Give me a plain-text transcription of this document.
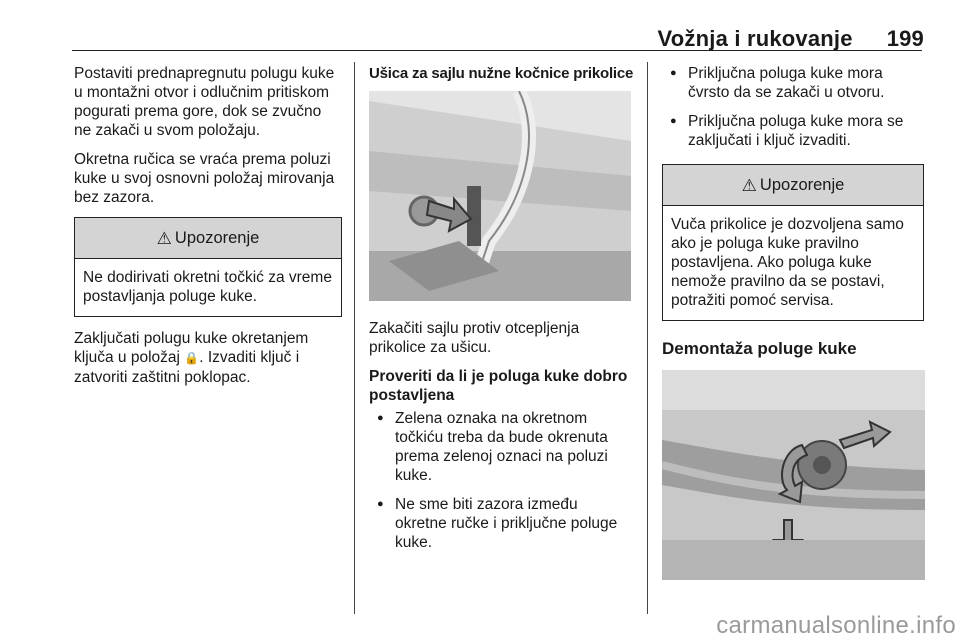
Vožnja i rukovanje 199

Postaviti prednapregnutu polugu kuke u montažni otvor i odlučnim pritiskom pogurati prema gore, dok se zvučno ne zakači u svom položaju.

Okretna ručica se vraća prema poluzi kuke u svoj osnovni položaj mirovanja bez zazora.

⚠ Upozorenje
Ne dodirivati okretni točkić za vreme postavljanja poluge kuke.

Zaključati polugu kuke okretanjem ključa u položaj 🔒. Izvaditi ključ i zatvoriti zaštitni poklopac.

Ušica za sajlu nužne kočnice prikolice

Zakačiti sajlu protiv otcepljenja prikolice za ušicu.

Proveriti da li je poluga kuke dobro postavljena

● Zelena oznaka na okretnom točkiću treba da bude okrenuta prema zelenoj oznaci na poluzi kuke.
● Ne sme biti zazora između okretne ručke i priključne poluge kuke.
● Priključna poluga kuke mora čvrsto da se zakači u otvoru.
● Priključna poluga kuke mora se zaključati i ključ izvaditi.
⚠ Upozorenje
Vuča prikolice je dozvoljena samo ako je poluga kuke pravilno postavljena. Ako poluga kuke nemože pravilno da se postavi, potražiti pomoć servisa.
Demontaža poluge kuke
carmanualsonline.info
